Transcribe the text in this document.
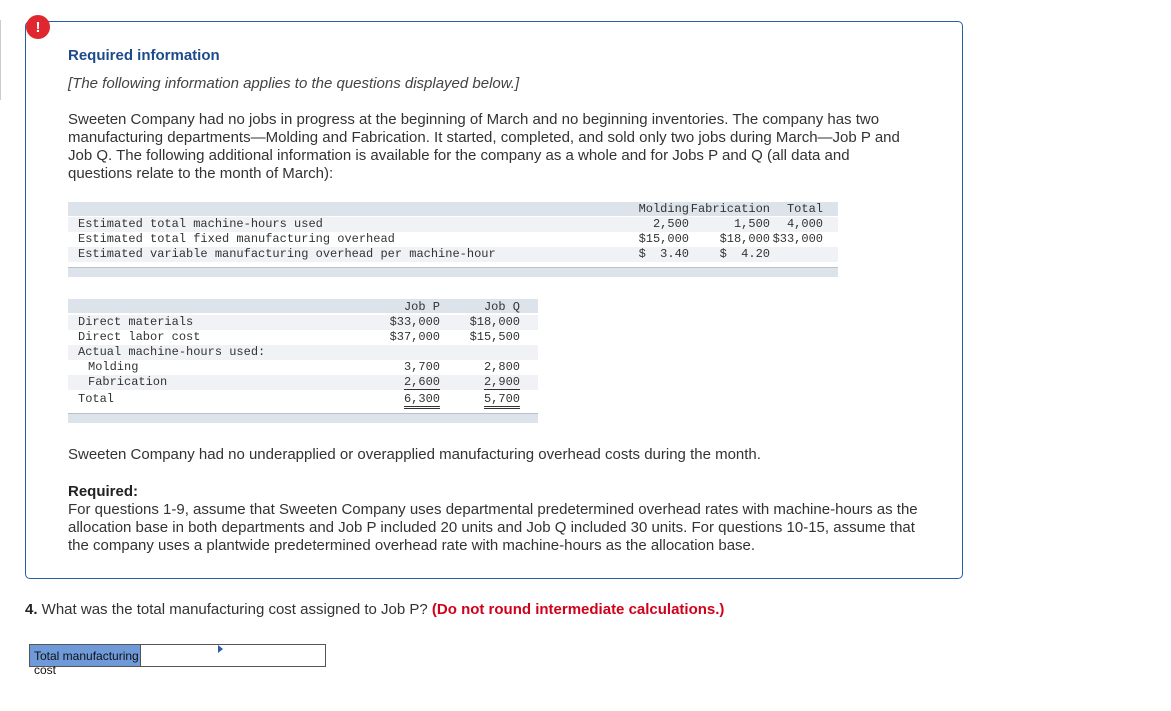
!
Required information
[The following information applies to the questions displayed below.]
Sweeten Company had no jobs in progress at the beginning of March and no beginning inventories. The company has two manufacturing departments—Molding and Fabrication. It started, completed, and sold only two jobs during March—Job P and Job Q. The following additional information is available for the company as a whole and for Jobs P and Q (all data and questions relate to the month of March):
Molding Fabrication	Total
Estimated total machine-hours used	2,500	1,500	4,000
Estimated total fixed manufacturing overhead	$15,000	$18,000 $33,000
Estimated variable manufacturing overhead per machine-hour	$  3.40	$  4.20
Job P	Job Q
Direct materials	$33,000	$18,000
Direct labor cost	$37,000	$15,500
Actual machine-hours used:
Molding	3,700	2,800
Fabrication	2,600	2,900
Total	6,300	5,700
Sweeten Company had no underapplied or overapplied manufacturing overhead costs during the month.
Required:
For questions 1-9, assume that Sweeten Company uses departmental predetermined overhead rates with machine-hours as the allocation base in both departments and Job P included 20 units and Job Q included 30 units. For questions 10-15, assume that the company uses a plantwide predetermined overhead rate with machine-hours as the allocation base.
4. What was the total manufacturing cost assigned to Job P? (Do not round intermediate calculations.)
Total manufacturing cost
